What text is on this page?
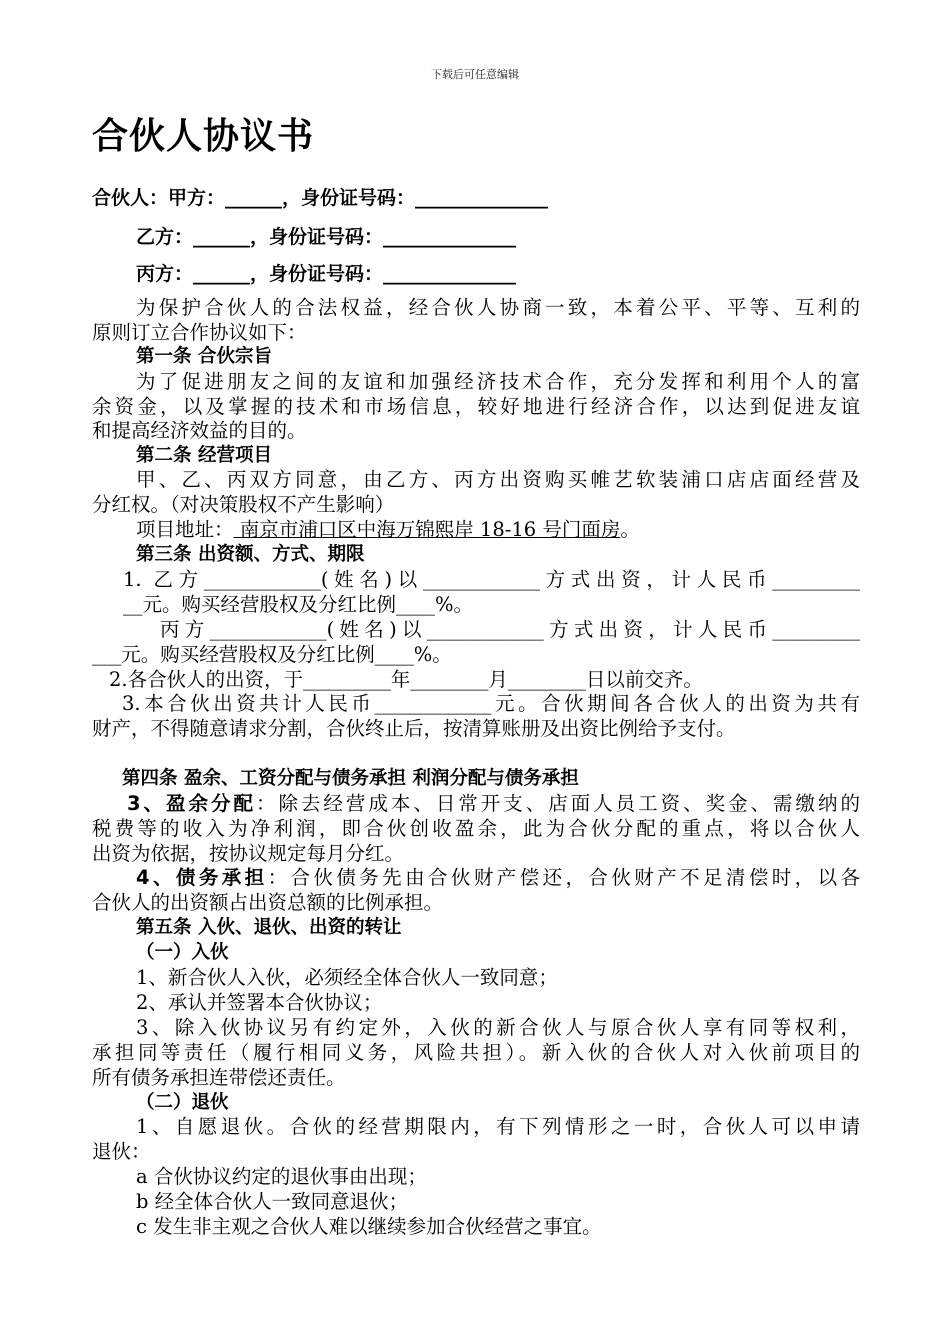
下载后可任意编辑
合伙人协议书
合伙人：甲方：______，身份证号码：______________
乙方：______，身份证号码：______________
丙方：______，身份证号码：______________
为保护合伙人的合法权益，经合伙人协商一致，本着公平、平等、互利的
原则订立合作协议如下：
第一条 合伙宗旨
为了促进朋友之间的友谊和加强经济技术合作，充分发挥和利用个人的富
余资金，以及掌握的技术和市场信息，较好地进行经济合作，以达到促进友谊
和提高经济效益的目的。
第二条 经营项目
甲、乙、丙双方同意，由乙方、丙方出资购买帷艺软装浦口店店面经营及
分红权。（对决策股权不产生影响）
项目地址： 南京市浦口区中海万锦熙岸 18-16 号门面房。
第三条 出资额、方式、期限
1. 乙方____________(姓名)以____________方式出资，计人民币_________
__元。购买经营股权及分红比例____%。
丙方____________(姓名)以____________方式出资，计人民币_________
___元。购买经营股权及分红比例____%。
2.各合伙人的出资，于_________年________月________日以前交齐。
3.本合伙出资共计人民币____________元。合伙期间各合伙人的出资为共有
财产，不得随意请求分割，合伙终止后，按清算账册及出资比例给予支付。
第四条 盈余、工资分配与债务承担 利润分配与债务承担
3、盈余分配：除去经营成本、日常开支、店面人员工资、奖金、需缴纳的
税费等的收入为净利润，即合伙创收盈余，此为合伙分配的重点，将以合伙人
出资为依据，按协议规定每月分红。
4、债务承担：合伙债务先由合伙财产偿还，合伙财产不足清偿时，以各
合伙人的出资额占出资总额的比例承担。
第五条 入伙、退伙、出资的转让
（一）入伙
1、新合伙人入伙，必须经全体合伙人一致同意；
2、承认并签署本合伙协议；
3、除入伙协议另有约定外，入伙的新合伙人与原合伙人享有同等权利，
承担同等责任（履行相同义务，风险共担）。新入伙的合伙人对入伙前项目的
所有债务承担连带偿还责任。
（二）退伙
1、自愿退伙。合伙的经营期限内，有下列情形之一时，合伙人可以申请
退伙：
a 合伙协议约定的退伙事由出现；
b 经全体合伙人一致同意退伙；
c 发生非主观之合伙人难以继续参加合伙经营之事宜。
